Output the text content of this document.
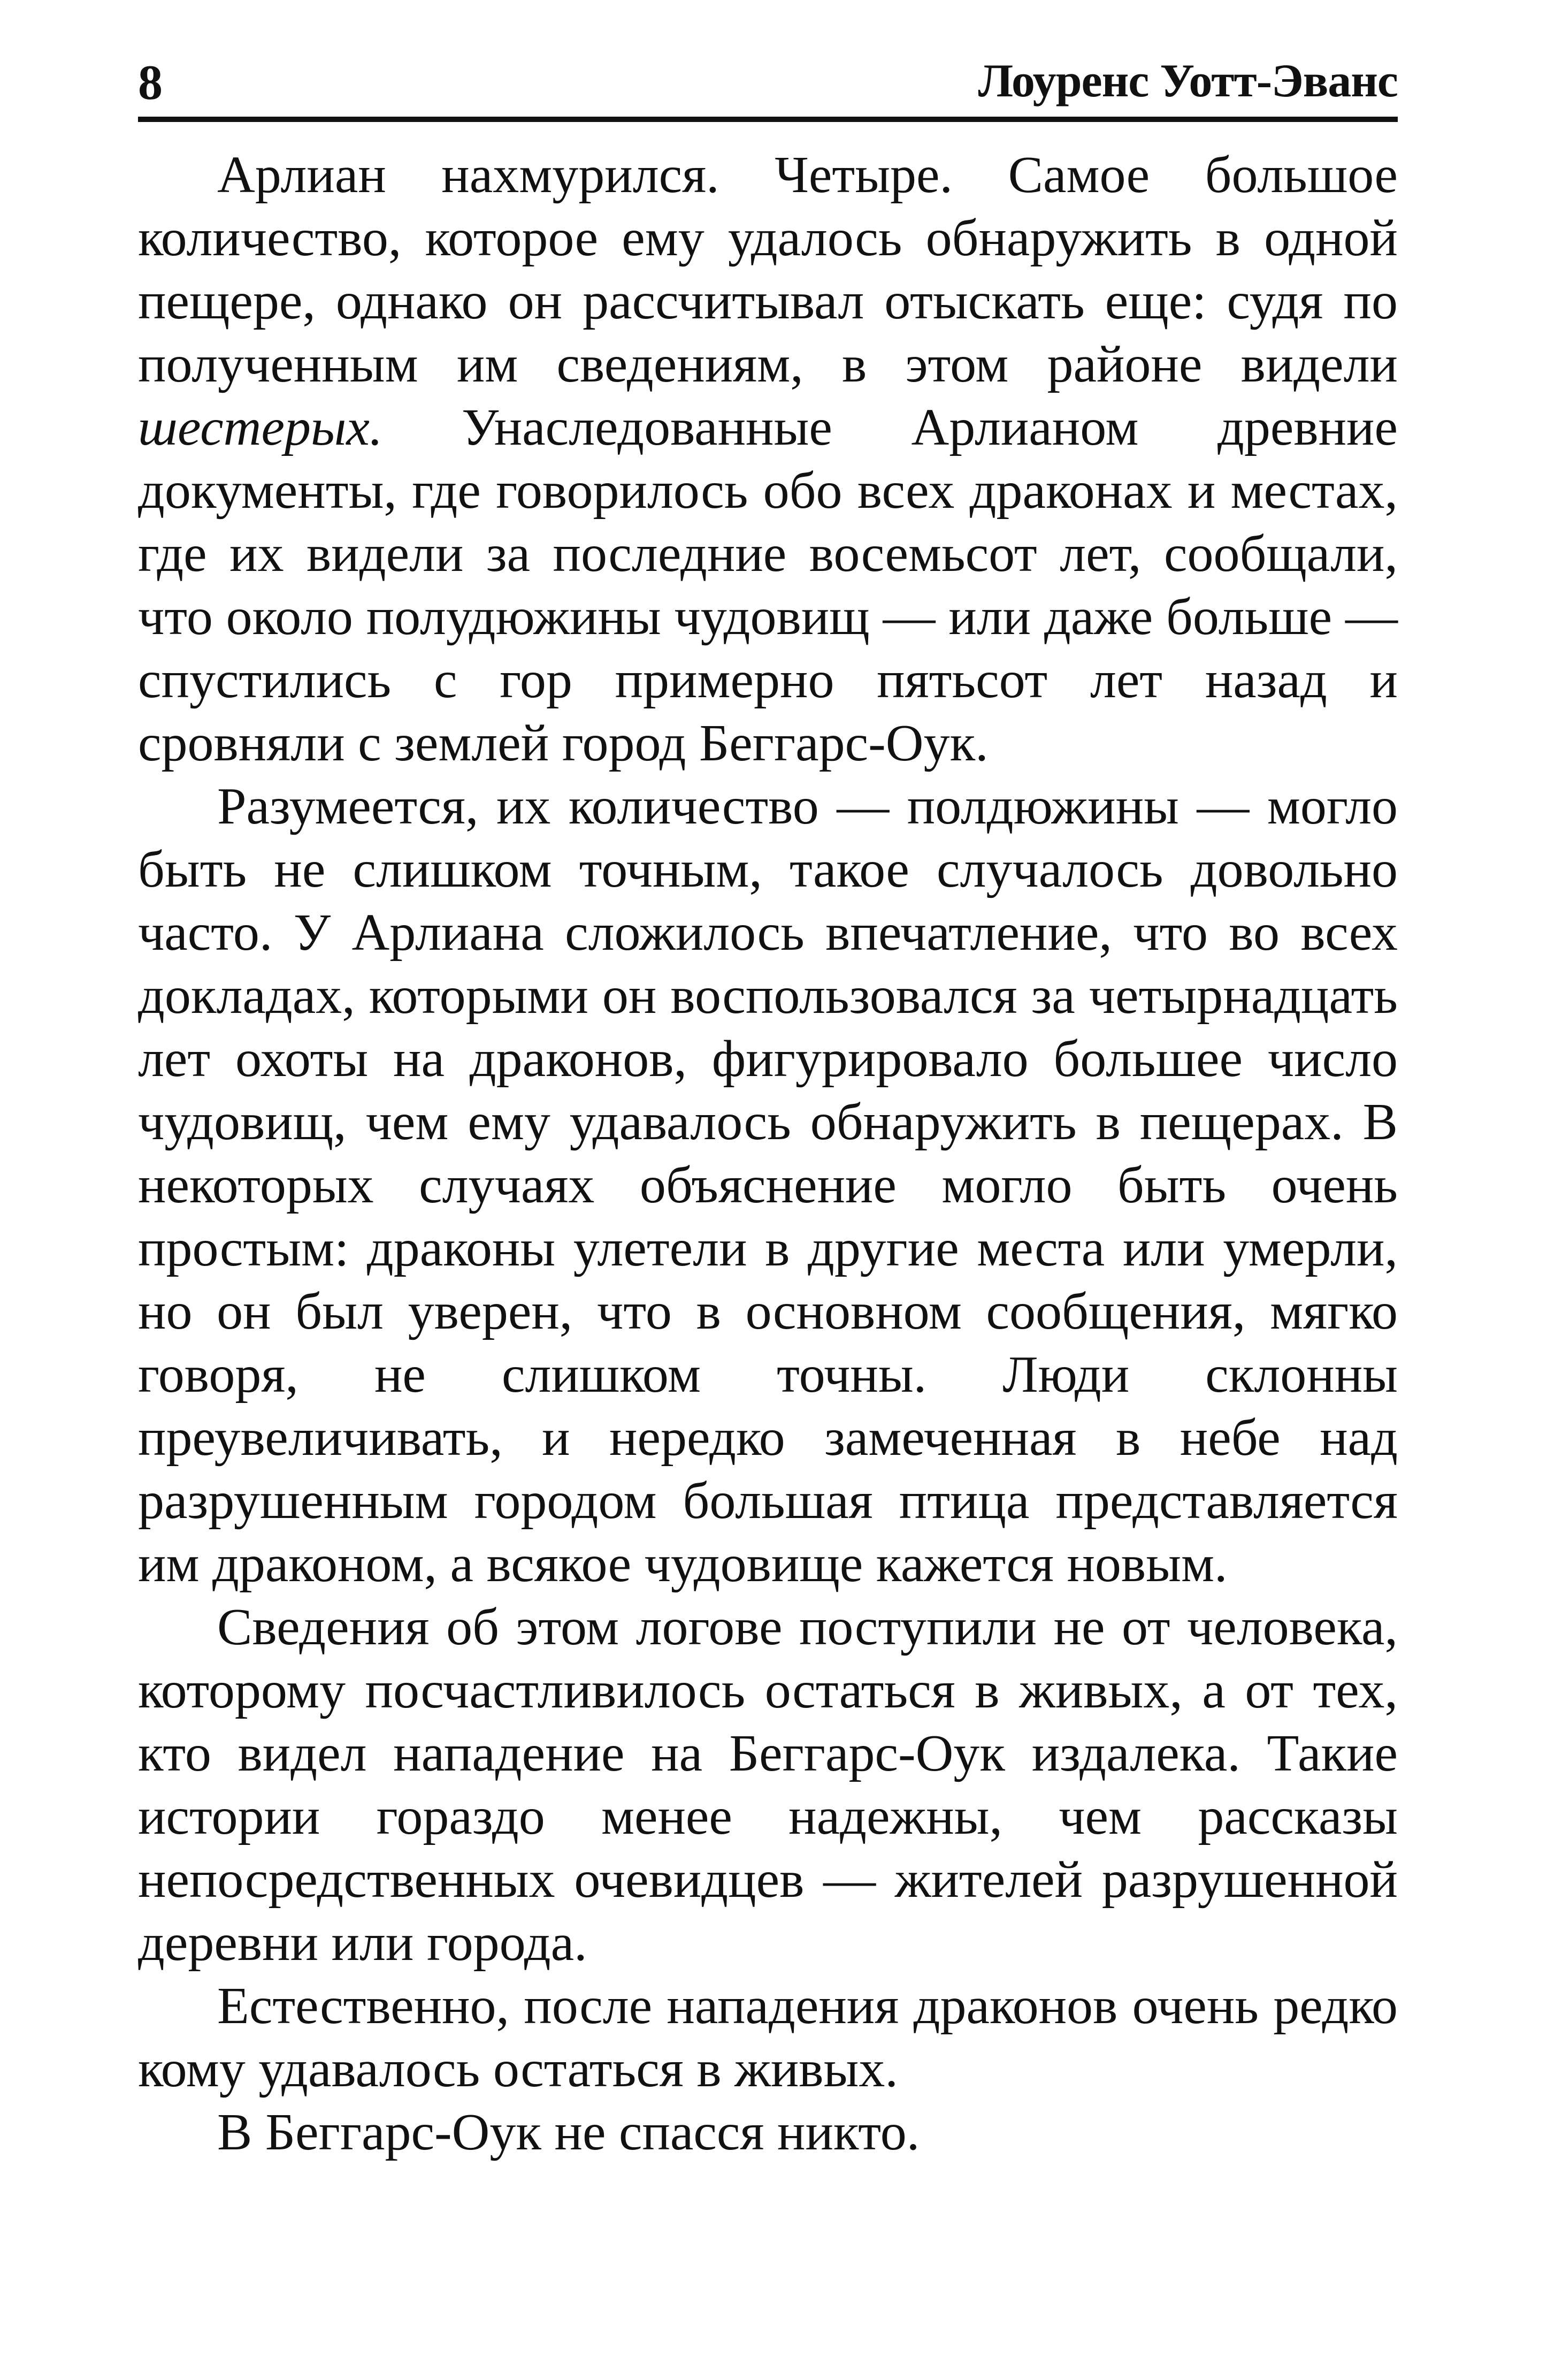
8	Лоуренс Уотт-Эванс

Арлиан нахмурился. Четыре. Самое большое количество, которое ему удалось обнаружить в одной пещере, однако он рассчитывал отыскать еще: судя по полученным им сведениям, в этом районе видели шестерых. Унаследованные Арлианом древние документы, где говорилось обо всех драконах и местах, где их видели за последние восемьсот лет, сообщали, что около полудюжины чудовищ — или даже больше — спустились с гор примерно пятьсот лет назад и сровняли с землей город Беггарс-Оук.

Разумеется, их количество — полдюжины — могло быть не слишком точным, такое случалось довольно часто. У Арлиана сложилось впечатление, что во всех докладах, которыми он воспользовался за четырнадцать лет охоты на драконов, фигурировало большее число чудовищ, чем ему удавалось обнаружить в пещерах. В некоторых случаях объяснение могло быть очень простым: драконы улетели в другие места или умерли, но он был уверен, что в основном сообщения, мягко говоря, не слишком точны. Люди склонны преувеличивать, и нередко замеченная в небе над разрушенным городом большая птица представляется им драконом, а всякое чудовище кажется новым.

Сведения об этом логове поступили не от человека, которому посчастливилось остаться в живых, а от тех, кто видел нападение на Беггарс-Оук издалека. Такие истории гораздо менее надежны, чем рассказы непосредственных очевидцев — жителей разрушенной деревни или города.

Естественно, после нападения драконов очень редко кому удавалось остаться в живых.

В Беггарс-Оук не спасся никто.
